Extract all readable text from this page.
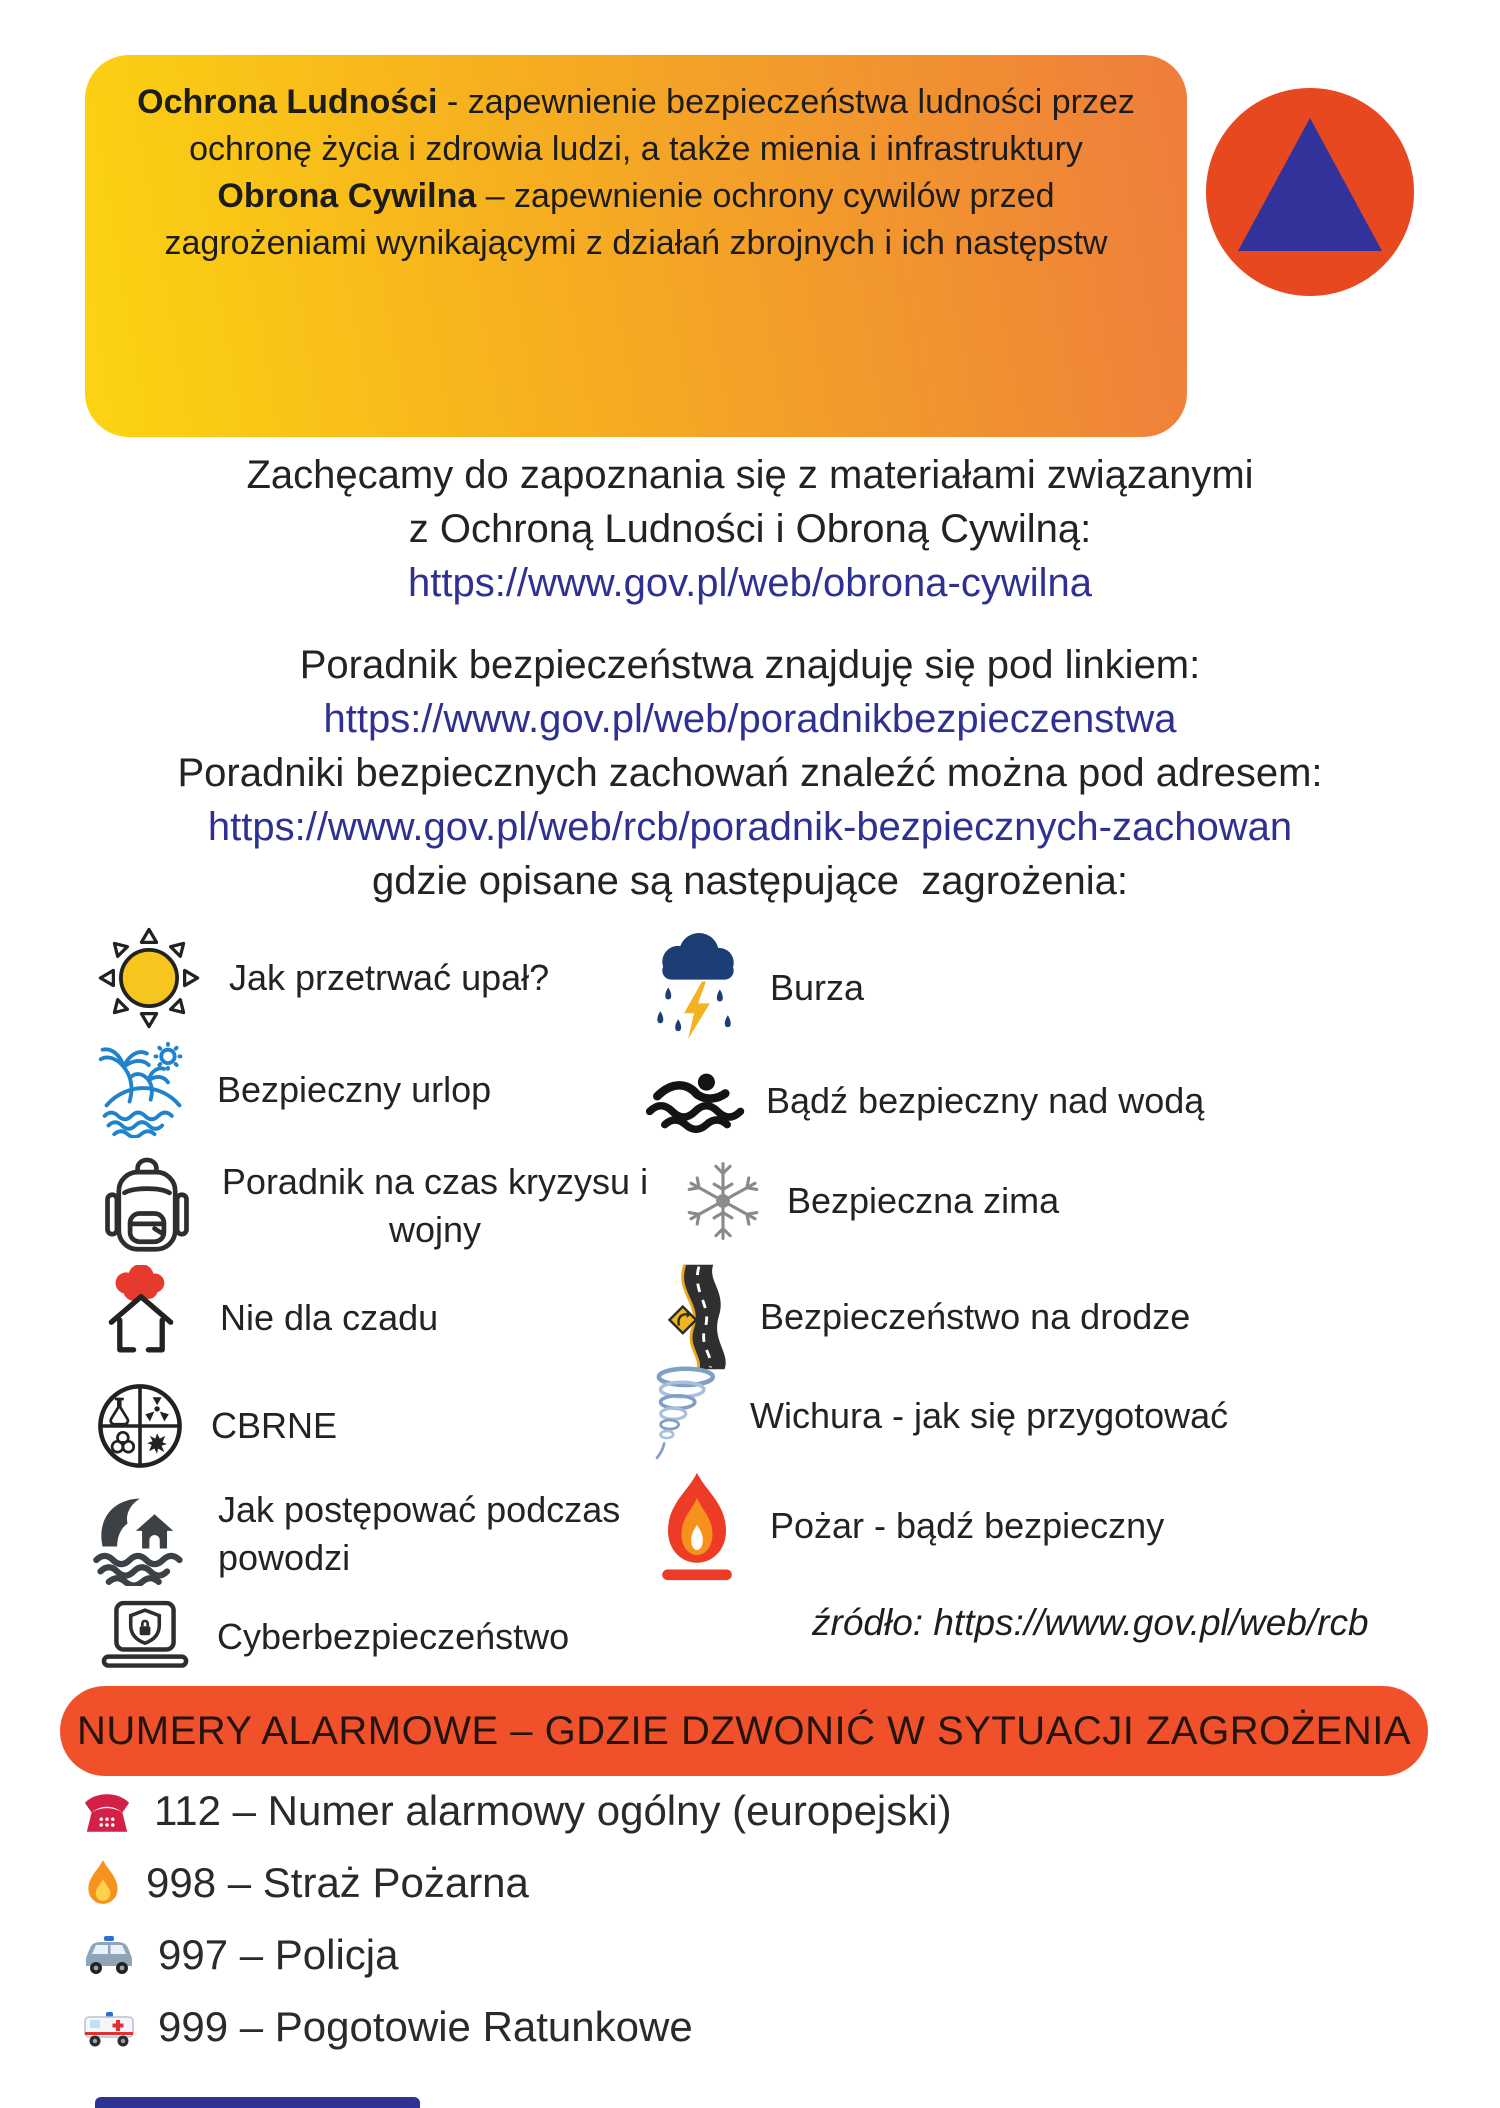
Ochrona Ludności - zapewnienie bezpieczeństwa ludności przez ochronę życia i zdrowia ludzi, a także mienia i infrastruktury

Obrona Cywilna – zapewnienie ochrony cywilów przed zagrożeniami wynikającymi z działań zbrojnych i ich następstw

Zachęcamy do zapoznania się z materiałami związanymi
z Ochroną Ludności i Obroną Cywilną:
https://www.gov.pl/web/obrona-cywilna
Poradnik bezpieczeństwa znajduję się pod linkiem:
https://www.gov.pl/web/poradnikbezpieczenstwa
Poradniki bezpiecznych zachowań znaleźć można pod adresem:
https://www.gov.pl/web/rcb/poradnik-bezpiecznych-zachowan
gdzie opisane są następujące  zagrożenia:
Jak przetrwać upał?
Bezpieczny urlop
Poradnik na czas kryzysu i wojny
Nie dla czadu
CBRNE
Jak postępować podczas powodzi
Cyberbezpieczeństwo
Burza
Bądź bezpieczny nad wodą
Bezpieczna zima
Bezpieczeństwo na drodze
Wichura - jak się przygotować
Pożar - bądź bezpieczny
źródło: https://www.gov.pl/web/rcb
NUMERY ALARMOWE – GDZIE DZWONIĆ W SYTUACJI ZAGROŻENIA
112 – Numer alarmowy ogólny (europejski)
998 – Straż Pożarna
997 – Policja
999 – Pogotowie Ratunkowe
